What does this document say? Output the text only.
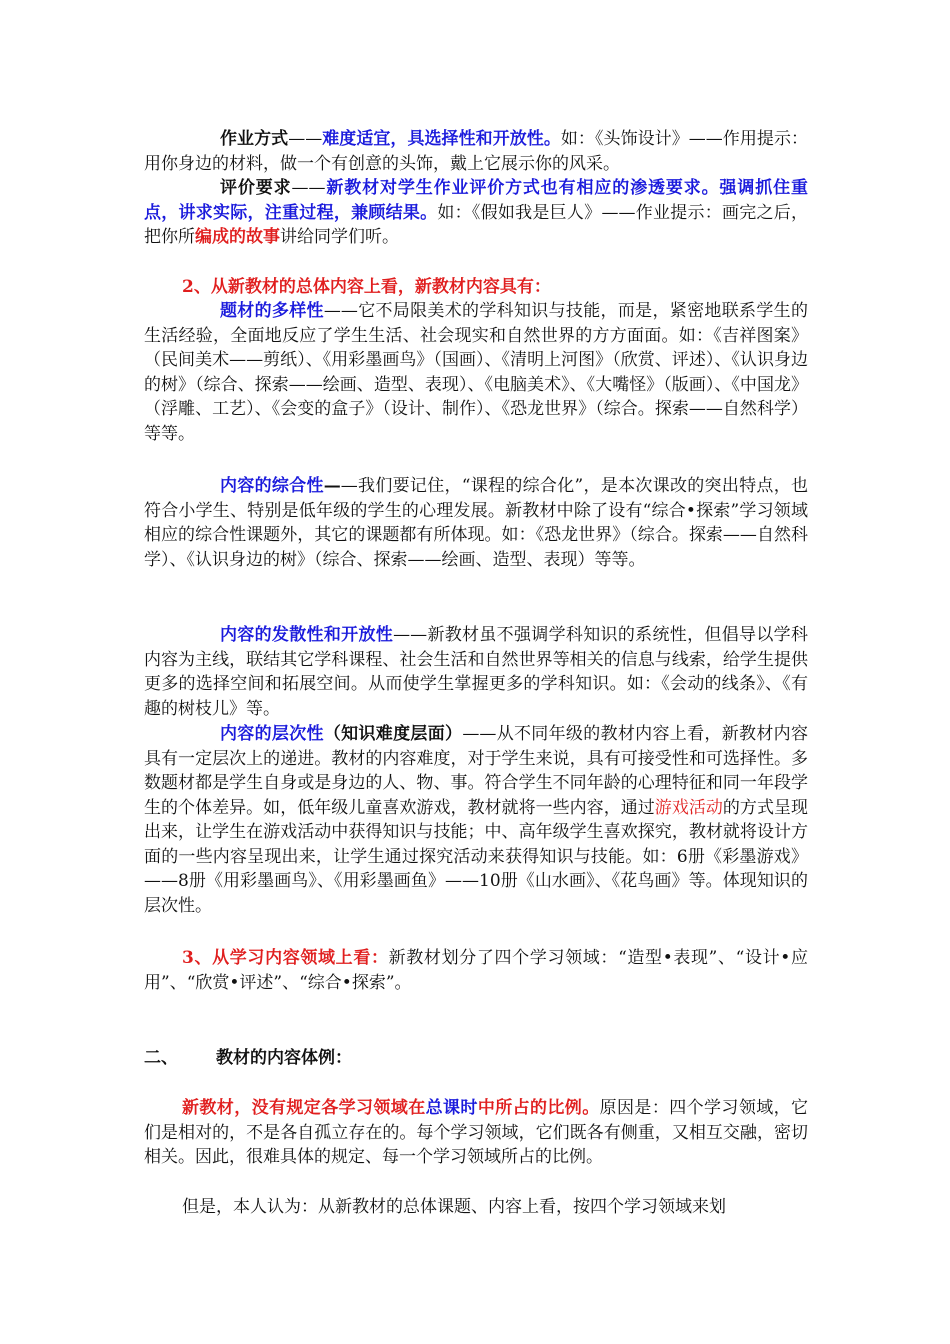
作业方式——难度适宜，具选择性和开放性。如：《头饰设计》——作用提示：用你身边的材料，做一个有创意的头饰，戴上它展示你的风采。

评价要求——新教材对学生作业评价方式也有相应的渗透要求。强调抓住重点，讲求实际，注重过程，兼顾结果。如：《假如我是巨人》——作业提示：画完之后，把你所编成的故事讲给同学们听。

2、从新教材的总体内容上看，新教材内容具有：

题材的多样性——它不局限美术的学科知识与技能，而是，紧密地联系学生的生活经验，全面地反应了学生生活、社会现实和自然世界的方方面面。如：《吉祥图案》（民间美术——剪纸）、《用彩墨画鸟》（国画）、《清明上河图》（欣赏、评述）、《认识身边的树》（综合、探索——绘画、造型、表现）、《电脑美术》、《大嘴怪》（版画）、《中国龙》（浮雕、工艺）、《会变的盒子》（设计、制作）、《恐龙世界》（综合。探索——自然科学）等等。

内容的综合性——我们要记住，“课程的综合化”，是本次课改的突出特点，也符合小学生、特别是低年级的学生的心理发展。新教材中除了设有“综合•探索”学习领域相应的综合性课题外，其它的课题都有所体现。如：《恐龙世界》（综合。探索——自然科学）、《认识身边的树》（综合、探索——绘画、造型、表现）等等。

内容的发散性和开放性——新教材虽不强调学科知识的系统性，但倡导以学科内容为主线，联结其它学科课程、社会生活和自然世界等相关的信息与线索，给学生提供更多的选择空间和拓展空间。从而使学生掌握更多的学科知识。如：《会动的线条》、《有趣的树枝儿》等。

内容的层次性（知识难度层面）——从不同年级的教材内容上看，新教材内容具有一定层次上的递进。教材的内容难度，对于学生来说，具有可接受性和可选择性。多数题材都是学生自身或是身边的人、物、事。符合学生不同年龄的心理特征和同一年段学生的个体差异。如，低年级儿童喜欢游戏，教材就将一些内容，通过游戏活动的方式呈现出来，让学生在游戏活动中获得知识与技能；中、高年级学生喜欢探究，教材就将设计方面的一些内容呈现出来，让学生通过探究活动来获得知识与技能。如：6册《彩墨游戏》——8册《用彩墨画鸟》、《用彩墨画鱼》——10册《山水画》、《花鸟画》等。体现知识的层次性。

3、从学习内容领域上看：新教材划分了四个学习领域：“造型•表现”、“设计•应用”、“欣赏•评述”、“综合•探索”。

二、 教材的内容体例：

新教材，没有规定各学习领域在总课时中所占的比例。原因是：四个学习领域，它们是相对的，不是各自孤立存在的。每个学习领域，它们既各有侧重，又相互交融，密切相关。因此，很难具体的规定、每一个学习领域所占的比例。

但是，本人认为：从新教材的总体课题、内容上看，按四个学习领域来划
